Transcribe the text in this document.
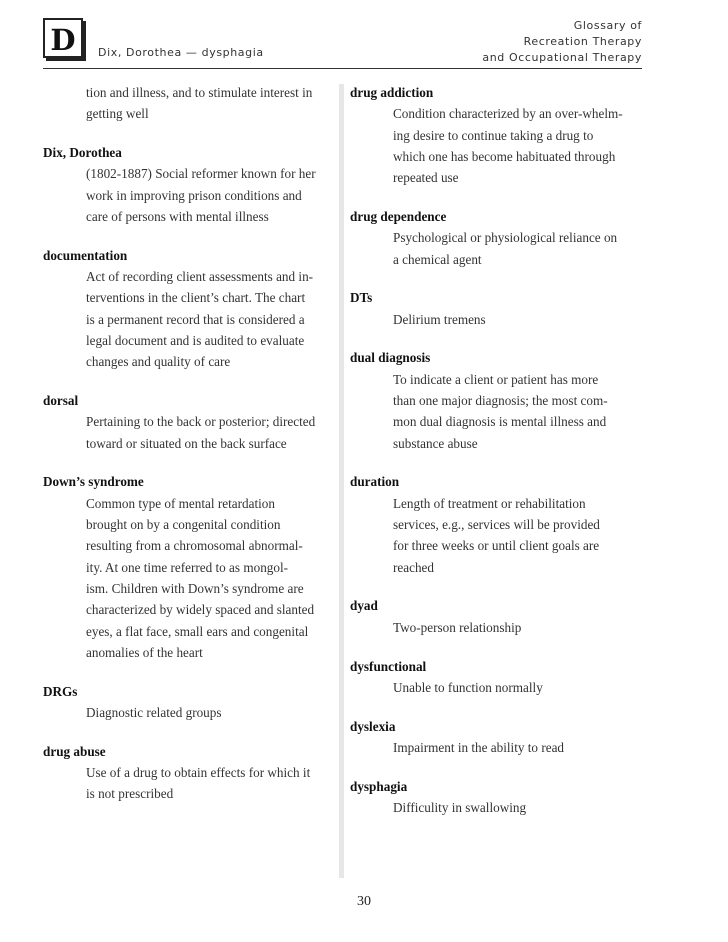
D	Dix, Dorothea — dysphagia
Glossary of
Recreation Therapy
and Occupational Therapy
tion and illness, and to stimulate interest in
getting well
Dix, Dorothea
(1802-1887) Social reformer known for her
work in improving prison conditions and
care of persons with mental illness
documentation
Act of recording client assessments and in-
terventions in the client’s chart. The chart
is a permanent record that is considered a
legal document and is audited to evaluate
changes and quality of care
dorsal
Pertaining to the back or posterior; directed
toward or situated on the back surface
Down’s syndrome
Common type of mental retardation
brought on by a congenital condition
resulting from a chromosomal abnormal-
ity. At one time referred to as mongol-
ism. Children with Down’s syndrome are
characterized by widely spaced and slanted
eyes, a flat face, small ears and congenital
anomalies of the heart
DRGs
Diagnostic related groups
drug abuse
Use of a drug to obtain effects for which it
is not prescribed
drug addiction
Condition characterized by an over-whelm-
ing desire to continue taking a drug to
which one has become habituated through
repeated use
drug dependence
Psychological or physiological reliance on
a chemical agent
DTs
Delirium tremens
dual diagnosis
To indicate a client or patient has more
than one major diagnosis; the most com-
mon dual diagnosis is mental illness and
substance abuse
duration
Length of treatment or rehabilitation
services, e.g., services will be provided
for three weeks or until client goals are
reached
dyad
Two-person relationship
dysfunctional
Unable to function normally
dyslexia
Impairment in the ability to read
dysphagia
Difficulity in swallowing
30
